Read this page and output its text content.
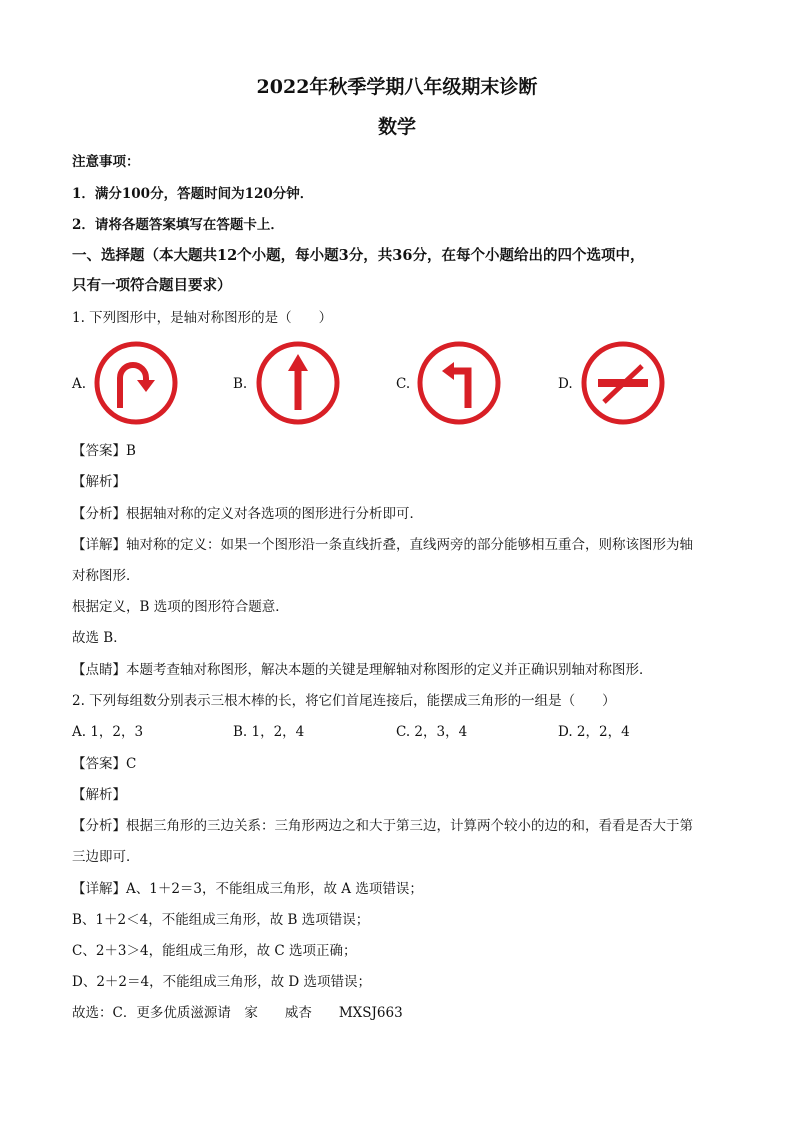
2022年秋季学期八年级期末诊断
数学
注意事项：
1．满分100分，答题时间为120分钟．
2．请将各题答案填写在答题卡上．
一、选择题（本大题共12个小题，每小题3分，共36分，在每个小题给出的四个选项中，
只有一项符合题目要求）
1. 下列图形中，是轴对称图形的是（　　）
A.	B.	C.	D.
【答案】B
【解析】
【分析】根据轴对称的定义对各选项的图形进行分析即可．
【详解】轴对称的定义：如果一个图形沿一条直线折叠，直线两旁的部分能够相互重合，则称该图形为轴
对称图形．
根据定义，B 选项的图形符合题意．
故选 B．
【点睛】本题考查轴对称图形，解决本题的关键是理解轴对称图形的定义并正确识别轴对称图形．
2. 下列每组数分别表示三根木棒的长，将它们首尾连接后，能摆成三角形的一组是（　　）
A. 1，2，3	B. 1，2，4	C. 2，3，4	D. 2，2，4
【答案】C
【解析】
【分析】根据三角形的三边关系：三角形两边之和大于第三边，计算两个较小的边的和，看看是否大于第
三边即可．
【详解】A、1＋2＝3，不能组成三角形，故 A 选项错误；
B、1＋2＜4，不能组成三角形，故 B 选项错误；
C、2＋3＞4，能组成三角形，故 C 选项正确；
D、2＋2＝4，不能组成三角形，故 D 选项错误；
故选：C．更多优质滋源请　家　　威杏　　MXSJ663
